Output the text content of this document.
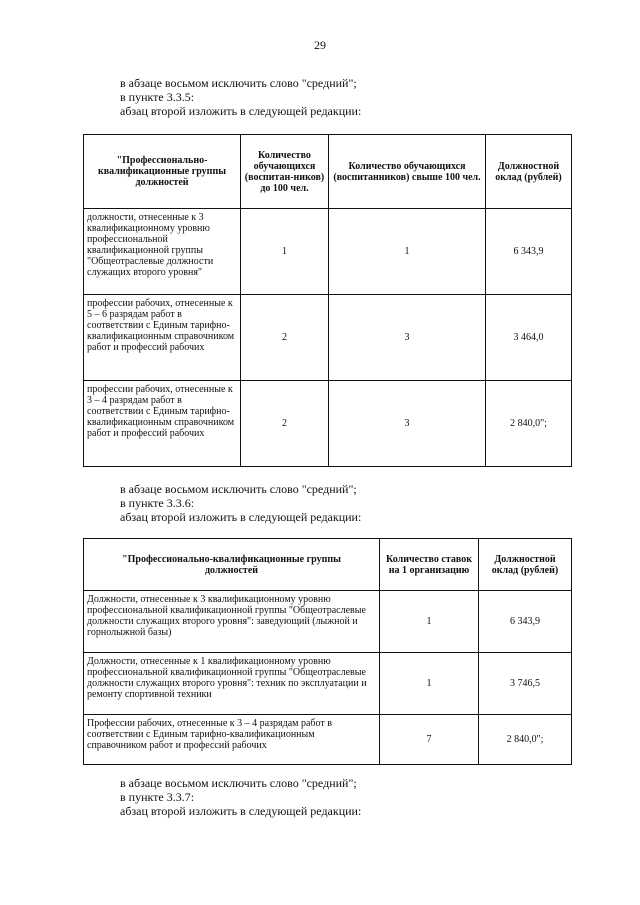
29
в абзаце восьмом исключить слово "средний";
в пункте 3.3.5:
абзац второй изложить в следующей редакции:
"Профессионально-квалификационные группы должностей	Количество обучающихся (воспитан-ников) до 100 чел.	Количество обучающихся (воспитанников) свыше 100 чел.	Должностной оклад (рублей)
должности, отнесенные к 3 квалификационному уровню профессиональной квалификационной группы "Общеотраслевые должности служащих второго уровня"	1	1	6 343,9
профессии рабочих, отнесенные к 5 – 6 разрядам работ в соответствии с Единым тарифно-квалификационным справочником работ и профессий рабочих	2	3	3 464,0
профессии рабочих, отнесенные к 3 – 4 разрядам работ в соответствии с Единым тарифно-квалификационным справочником работ и профессий рабочих	2	3	2 840,0";
в абзаце восьмом исключить слово "средний";
в пункте 3.3.6:
абзац второй изложить в следующей редакции:
"Профессионально-квалификационные группы должностей	Количество ставок на 1 организацию	Должностной оклад (рублей)
Должности, отнесенные к 3 квалификационному уровню профессиональной квалификационной группы "Общеотраслевые должности служащих второго уровня": заведующий (лыжной и горнолыжной базы)	1	6 343,9
Должности, отнесенные к 1 квалификационному уровню профессиональной квалификационной группы "Общеотраслевые должности служащих второго уровня": техник по эксплуатации и ремонту спортивной техники	1	3 746,5
Профессии рабочих, отнесенные к 3 – 4 разрядам работ в соответствии с Единым тарифно-квалификационным справочником работ и профессий рабочих	7	2 840,0";
в абзаце восьмом исключить слово "средний";
в пункте 3.3.7:
абзац второй изложить в следующей редакции:
